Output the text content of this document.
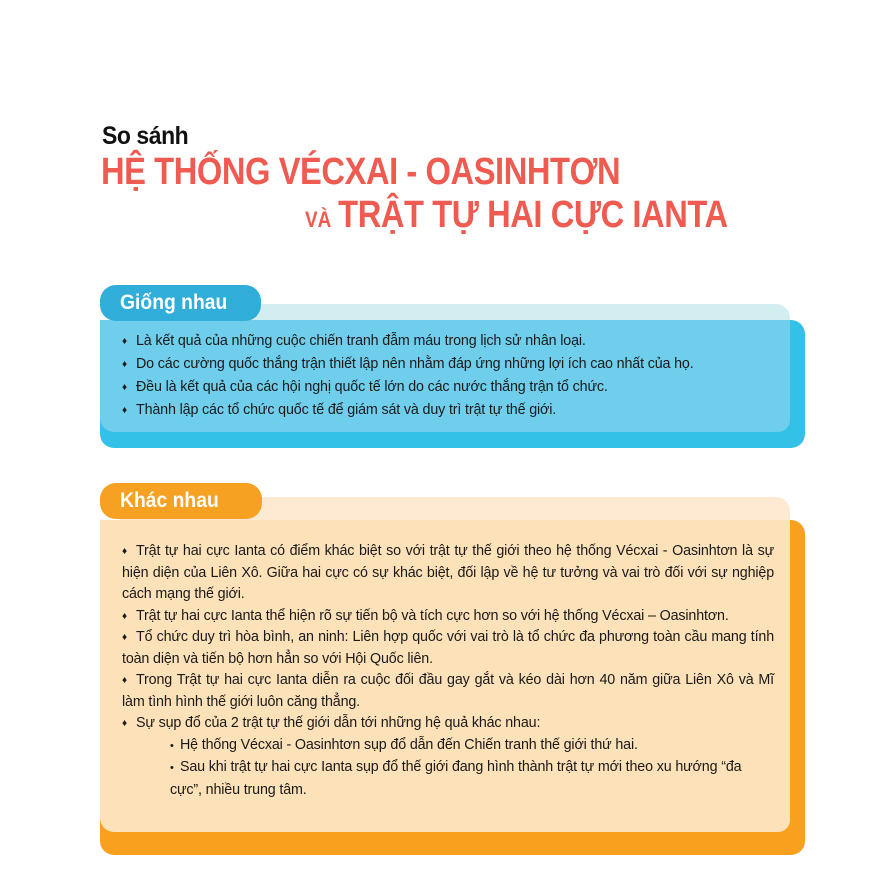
So sánh
HỆ THỐNG VÉCXAI - OASINHTƠN
VÀ TRẬT TỰ HAI CỰC IANTA
♦ Là kết quả của những cuộc chiến tranh đẫm máu trong lịch sử nhân loại.
♦ Do các cường quốc thắng trận thiết lập nên nhằm đáp ứng những lợi ích cao nhất của họ.
♦ Đều là kết quả của các hội nghị quốc tế lớn do các nước thắng trận tổ chức.
♦ Thành lập các tổ chức quốc tế để giám sát và duy trì trật tự thế giới.
Giống nhau
♦ Trật tự hai cực Ianta có điểm khác biệt so với trật tự thế giới theo hệ thống Vécxai - Oasinhtơn là sự hiện diện của Liên Xô. Giữa hai cực có sự khác biệt, đối lập về hệ tư tưởng và vai trò đối với sự nghiệp cách mạng thế giới.
♦ Trật tự hai cực Ianta thể hiện rõ sự tiến bộ và tích cực hơn so với hệ thống Vécxai – Oasinhtơn.
♦ Tổ chức duy trì hòa bình, an ninh: Liên hợp quốc với vai trò là tổ chức đa phương toàn cầu mang tính toàn diện và tiến bộ hơn hẳn so với Hội Quốc liên.
♦ Trong Trật tự hai cực Ianta diễn ra cuộc đối đầu gay gắt và kéo dài hơn 40 năm giữa Liên Xô và Mĩ làm tình hình thế giới luôn căng thẳng.
♦ Sự sụp đổ của 2 trật tự thế giới dẫn tới những hệ quả khác nhau:
• Hệ thống Vécxai - Oasinhtơn sụp đổ dẫn đến Chiến tranh thế giới thứ hai.
• Sau khi trật tự hai cực Ianta sụp đổ thế giới đang hình thành trật tự mới theo xu hướng “đa cực”, nhiều trung tâm.
Khác nhau
